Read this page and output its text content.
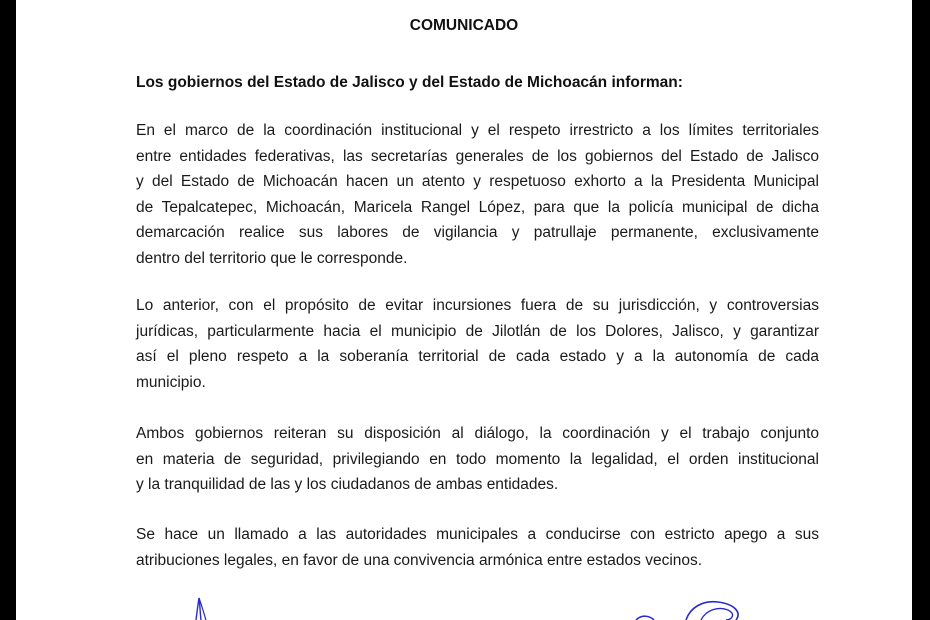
COMUNICADO

Los gobiernos del Estado de Jalisco y del Estado de Michoacán informan:

En el marco de la coordinación institucional y el respeto irrestricto a los límites territoriales
entre entidades federativas, las secretarías generales de los gobiernos del Estado de Jalisco
y del Estado de Michoacán hacen un atento y respetuoso exhorto a la Presidenta Municipal
de Tepalcatepec, Michoacán, Maricela Rangel López, para que la policía municipal de dicha
demarcación realice sus labores de vigilancia y patrullaje permanente, exclusivamente
dentro del territorio que le corresponde.
Lo anterior, con el propósito de evitar incursiones fuera de su jurisdicción, y controversias
jurídicas, particularmente hacia el municipio de Jilotlán de los Dolores, Jalisco, y garantizar
así el pleno respeto a la soberanía territorial de cada estado y a la autonomía de cada
municipio.
Ambos gobiernos reiteran su disposición al diálogo, la coordinación y el trabajo conjunto
en materia de seguridad, privilegiando en todo momento la legalidad, el orden institucional
y la tranquilidad de las y los ciudadanos de ambas entidades.
Se hace un llamado a las autoridades municipales a conducirse con estricto apego a sus
atribuciones legales, en favor de una convivencia armónica entre estados vecinos.
